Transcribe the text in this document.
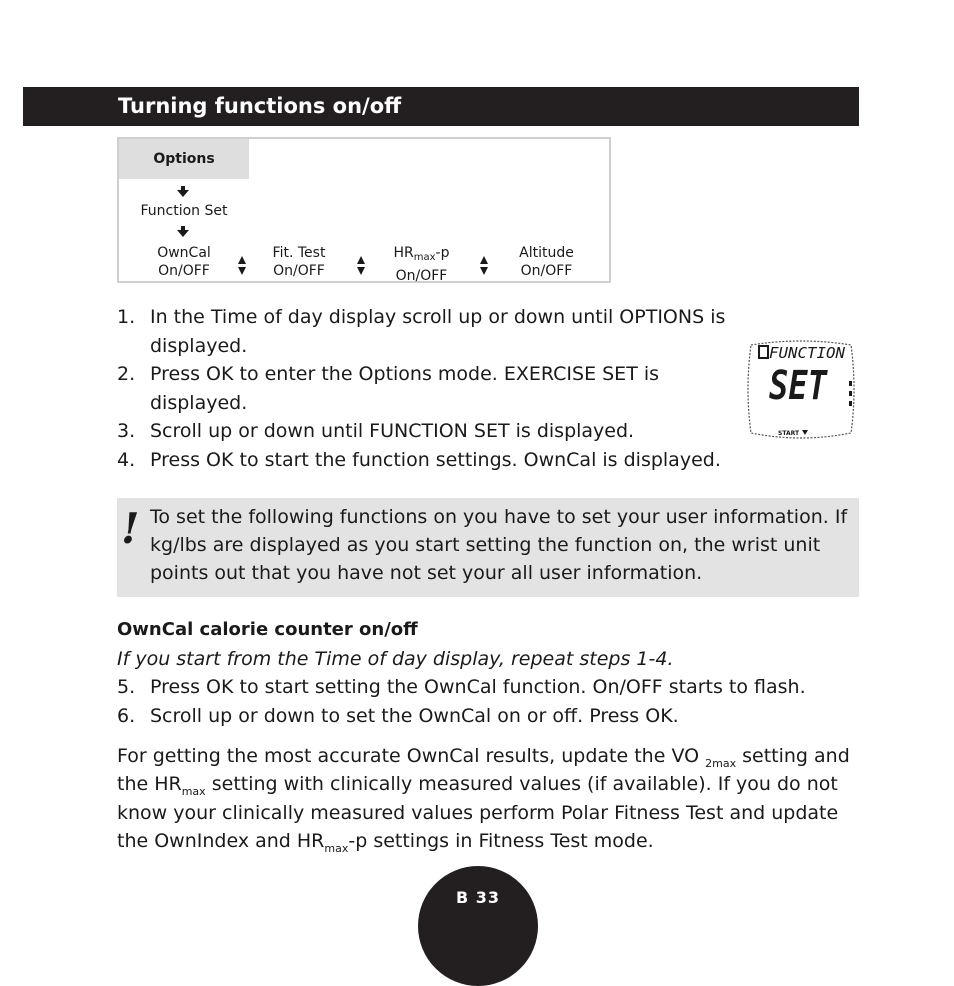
Turning functions on/off
Options
Function Set
OwnCal
On/OFF
Fit. Test
On/OFF
$HR_{max}-p$
On/OFF
Altitude
On/OFF
1. In the Time of day display scroll up or down until OPTIONS is displayed.
2. Press OK to enter the Options mode. EXERCISE SET is displayed.
3. Scroll up or down until FUNCTION SET is displayed.
4. Press OK to start the function settings. OwnCal is displayed.
FUNCTION
SET
START
! To set the following functions on you have to set your user information. If kg/lbs are displayed as you start setting the function on, the wrist unit points out that you have not set your all user information.

OwnCal calorie counter on/off

If you start from the Time of day display, repeat steps 1-4.

5. Press OK to start setting the OwnCal function. On/OFF starts to flash.
6. Scroll up or down to set the OwnCal on or off. Press OK.

For getting the most accurate OwnCal results, update the VO $_{2max}$ setting and the $HR_{max}$ setting with clinically measured values (if available). If you do not know your clinically measured values perform Polar Fitness Test and update the OwnIndex and $HR_{max}-p$ settings in Fitness Test mode.

B 33
